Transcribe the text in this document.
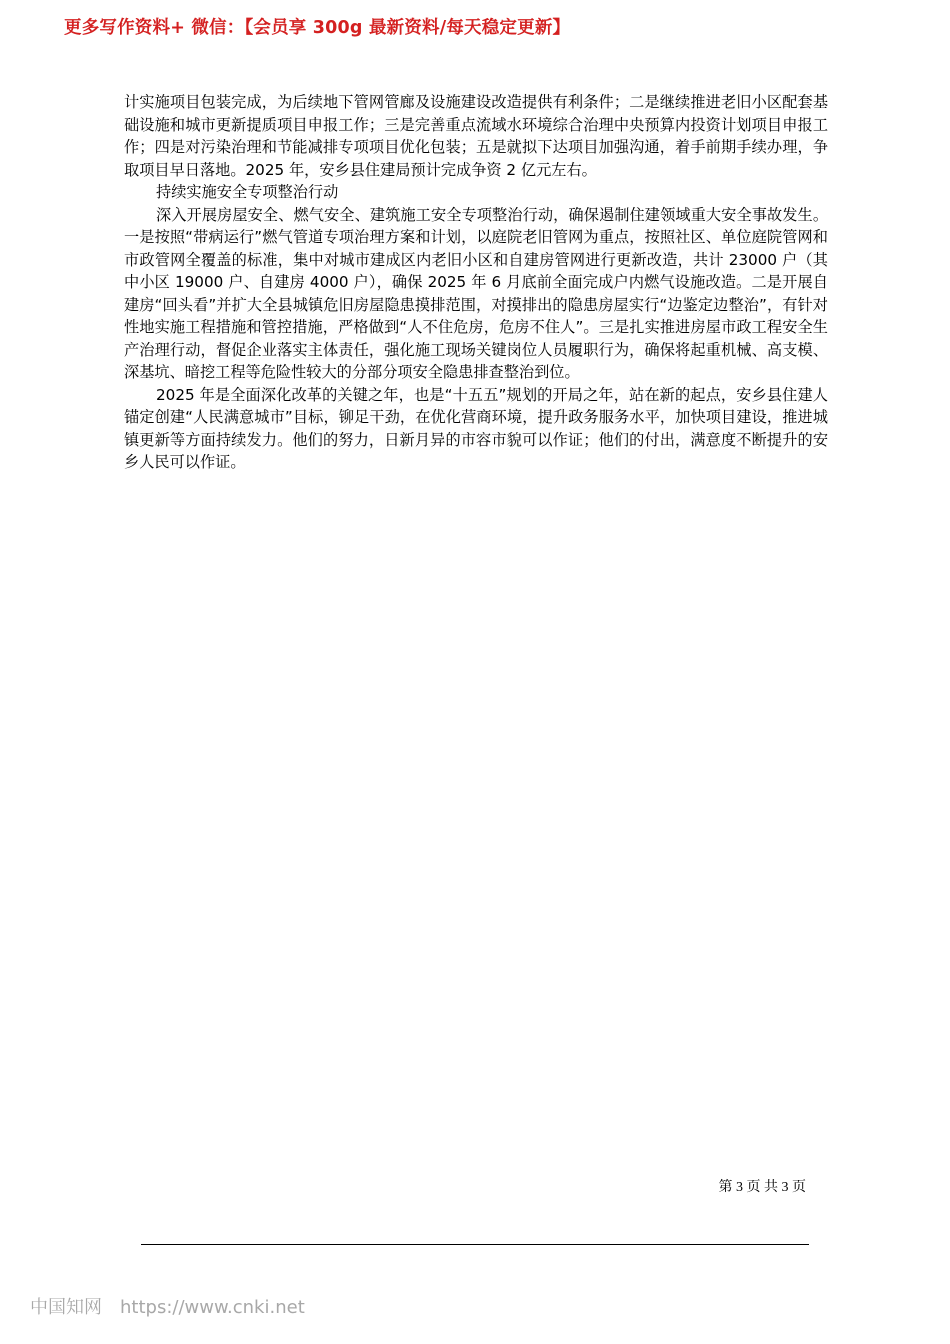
更多写作资料+ 微信：【会员享 300g 最新资料/每天稳定更新】

计实施项目包装完成，为后续地下管网管廊及设施建设改造提供有利条件；二是继续推进老旧小区配套基础设施和城市更新提质项目申报工作；三是完善重点流域水环境综合治理中央预算内投资计划项目申报工作；四是对污染治理和节能减排专项项目优化包装；五是就拟下达项目加强沟通，着手前期手续办理，争取项目早日落地。2025 年，安乡县住建局预计完成争资 2 亿元左右。

持续实施安全专项整治行动

深入开展房屋安全、燃气安全、建筑施工安全专项整治行动，确保遏制住建领域重大安全事故发生。一是按照“带病运行”燃气管道专项治理方案和计划，以庭院老旧管网为重点，按照社区、单位庭院管网和市政管网全覆盖的标准，集中对城市建成区内老旧小区和自建房管网进行更新改造，共计 23000 户（其中小区 19000 户、自建房 4000 户），确保 2025 年 6 月底前全面完成户内燃气设施改造。二是开展自建房“回头看”并扩大全县城镇危旧房屋隐患摸排范围，对摸排出的隐患房屋实行“边鉴定边整治”，有针对性地实施工程措施和管控措施，严格做到“人不住危房，危房不住人”。三是扎实推进房屋市政工程安全生产治理行动，督促企业落实主体责任，强化施工现场关键岗位人员履职行为，确保将起重机械、高支模、深基坑、暗挖工程等危险性较大的分部分项安全隐患排查整治到位。

2025 年是全面深化改革的关键之年，也是“十五五”规划的开局之年，站在新的起点，安乡县住建人锚定创建“人民满意城市”目标，铆足干劲，在优化营商环境，提升政务服务水平，加快项目建设，推进城镇更新等方面持续发力。他们的努力，日新月异的市容市貌可以作证；他们的付出，满意度不断提升的安乡人民可以作证。

第 3 页 共 3 页
中国知网 https://www.cnki.net
